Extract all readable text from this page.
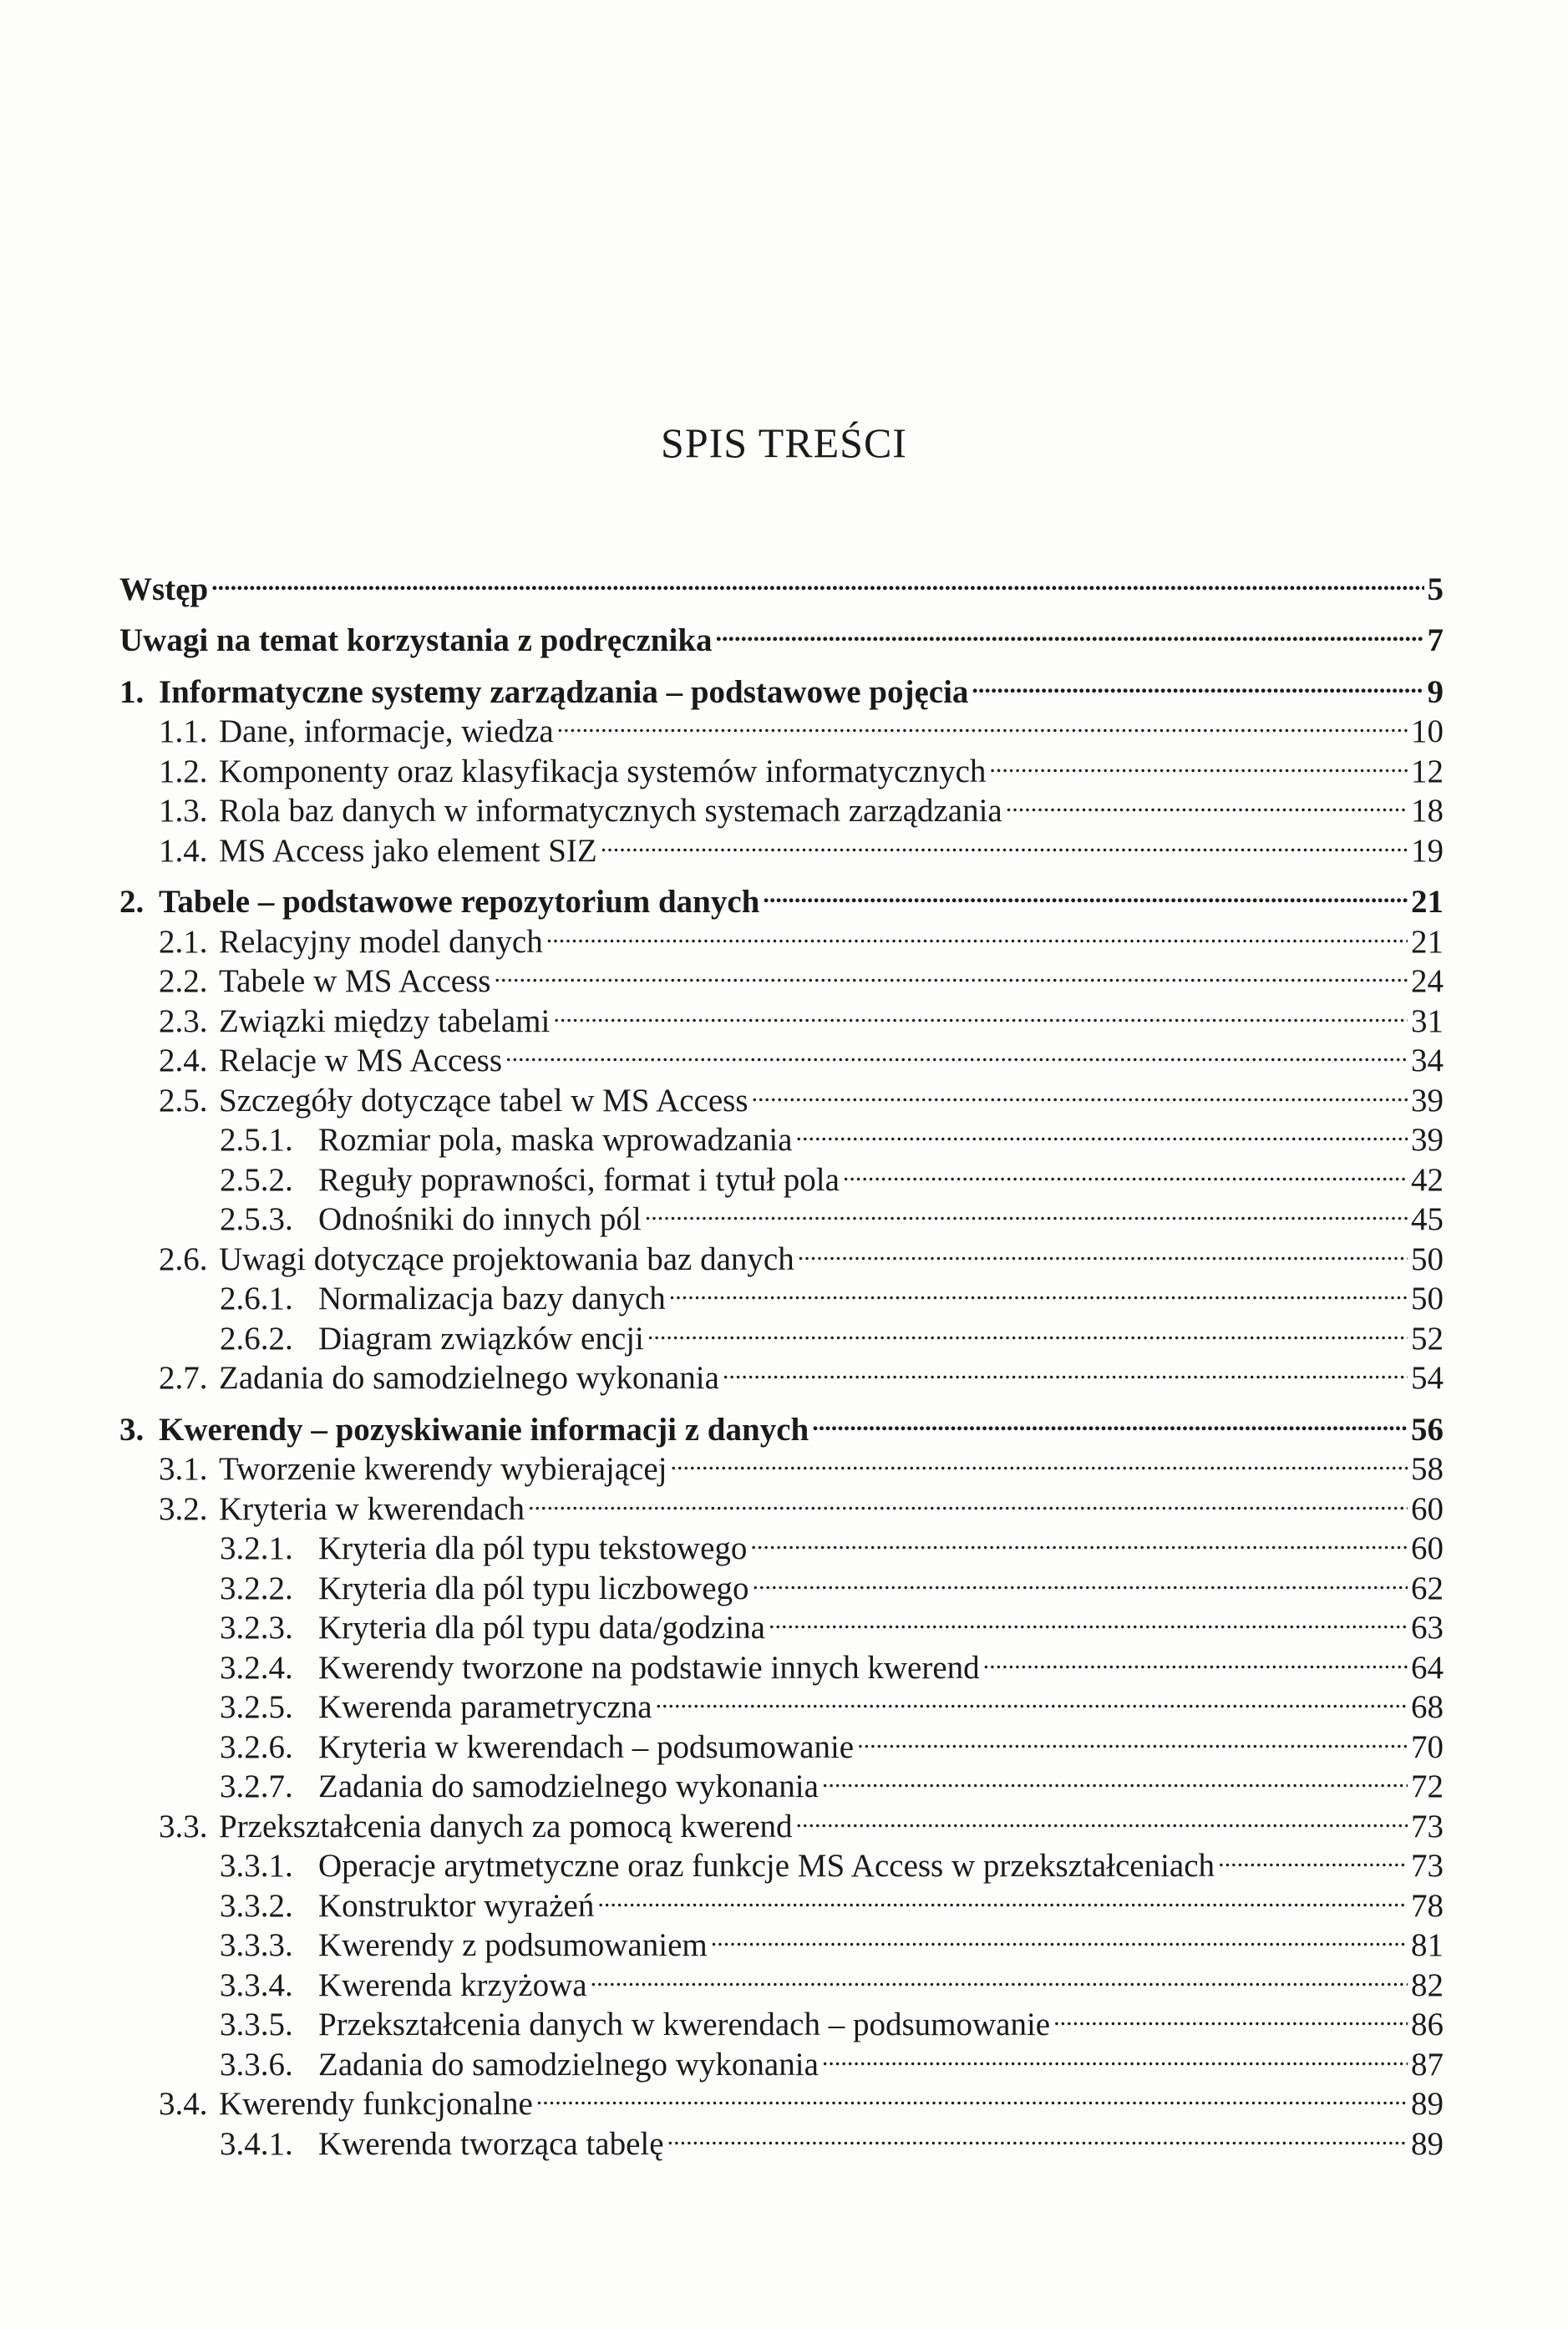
SPIS TREŚCI
Wstęp .....	5
Uwagi na temat korzystania z podręcznika .....	7
1. Informatyczne systemy zarządzania – podstawowe pojęcia .....	9
1.1. Dane, informacje, wiedza .....	10
1.2. Komponenty oraz klasyfikacja systemów informatycznych .....	12
1.3. Rola baz danych w informatycznych systemach zarządzania .....	18
1.4. MS Access jako element SIZ .....	19
2. Tabele – podstawowe repozytorium danych .....	21
2.1. Relacyjny model danych .....	21
2.2. Tabele w MS Access .....	24
2.3. Związki między tabelami .....	31
2.4. Relacje w MS Access .....	34
2.5. Szczegóły dotyczące tabel w MS Access .....	39
2.5.1. Rozmiar pola, maska wprowadzania .....	39
2.5.2. Reguły poprawności, format i tytuł pola .....	42
2.5.3. Odnośniki do innych pól .....	45
2.6. Uwagi dotyczące projektowania baz danych .....	50
2.6.1. Normalizacja bazy danych .....	50
2.6.2. Diagram związków encji .....	52
2.7. Zadania do samodzielnego wykonania .....	54
3. Kwerendy – pozyskiwanie informacji z danych .....	56
3.1. Tworzenie kwerendy wybierającej .....	58
3.2. Kryteria w kwerendach .....	60
3.2.1. Kryteria dla pól typu tekstowego .....	60
3.2.2. Kryteria dla pól typu liczbowego .....	62
3.2.3. Kryteria dla pól typu data/godzina .....	63
3.2.4. Kwerendy tworzone na podstawie innych kwerend .....	64
3.2.5. Kwerenda parametryczna .....	68
3.2.6. Kryteria w kwerendach – podsumowanie .....	70
3.2.7. Zadania do samodzielnego wykonania .....	72
3.3. Przekształcenia danych za pomocą kwerend .....	73
3.3.1. Operacje arytmetyczne oraz funkcje MS Access w przekształceniach .....	73
3.3.2. Konstruktor wyrażeń .....	78
3.3.3. Kwerendy z podsumowaniem .....	81
3.3.4. Kwerenda krzyżowa .....	82
3.3.5. Przekształcenia danych w kwerendach – podsumowanie .....	86
3.3.6. Zadania do samodzielnego wykonania .....	87
3.4. Kwerendy funkcjonalne .....	89
3.4.1. Kwerenda tworząca tabelę .....	89
